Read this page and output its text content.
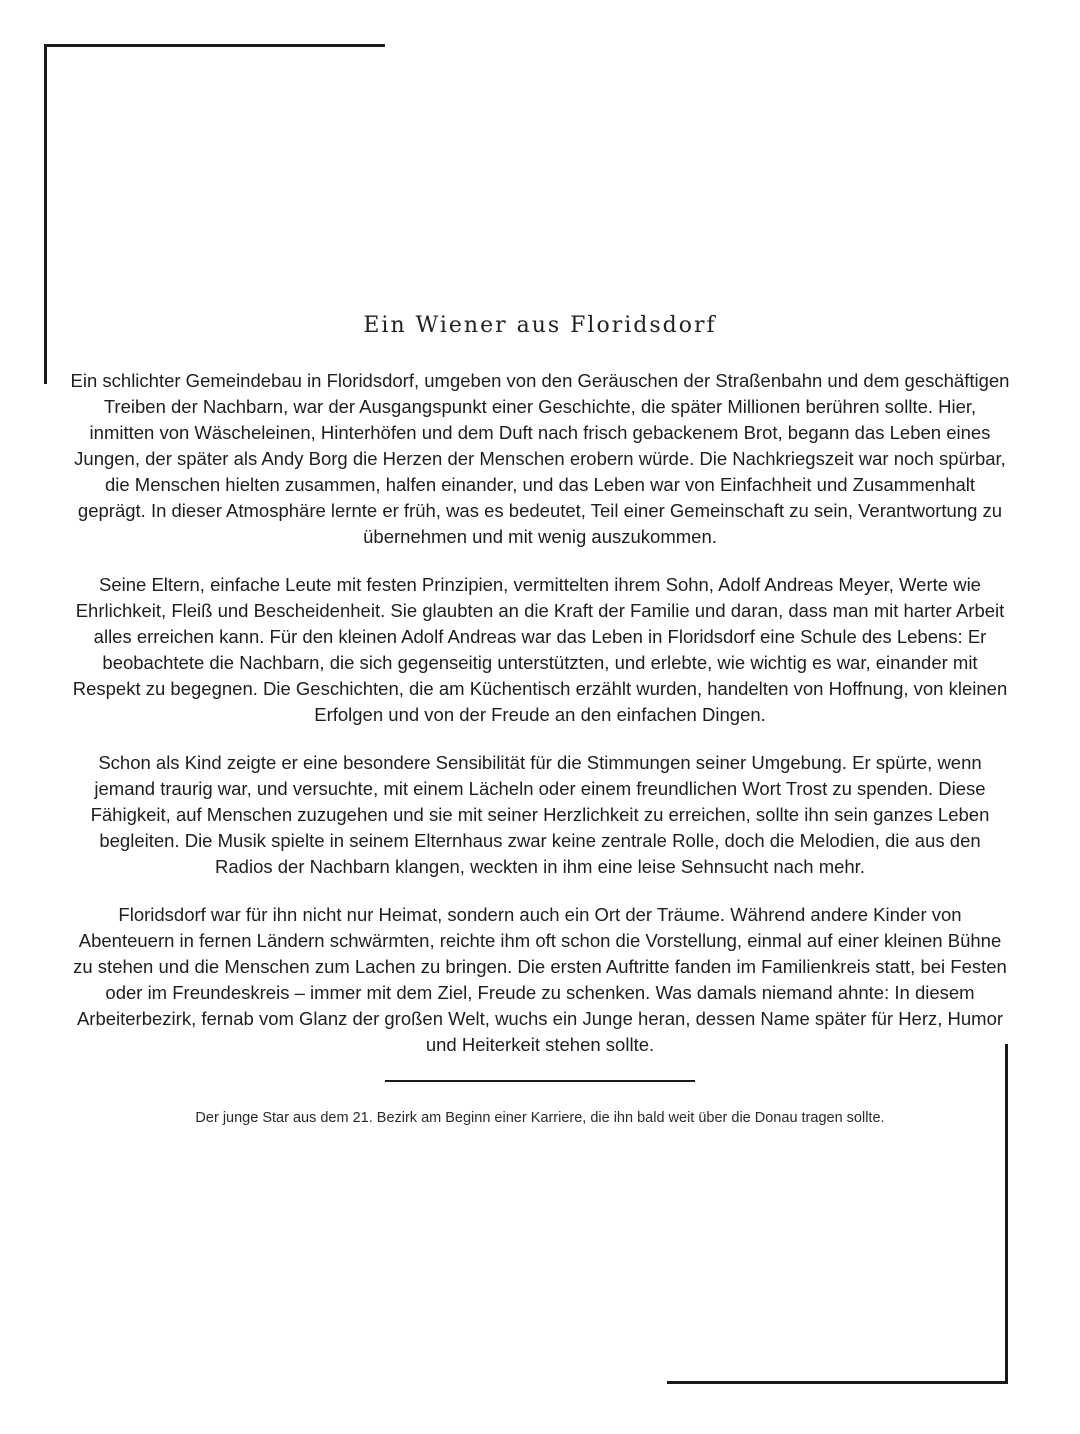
Ein Wiener aus Floridsdorf

Ein schlichter Gemeindebau in Floridsdorf, umgeben von den Geräuschen der Straßenbahn und dem geschäftigen Treiben der Nachbarn, war der Ausgangspunkt einer Geschichte, die später Millionen berühren sollte. Hier, inmitten von Wäscheleinen, Hinterhöfen und dem Duft nach frisch gebackenem Brot, begann das Leben eines Jungen, der später als Andy Borg die Herzen der Menschen erobern würde. Die Nachkriegszeit war noch spürbar, die Menschen hielten zusammen, halfen einander, und das Leben war von Einfachheit und Zusammenhalt geprägt. In dieser Atmosphäre lernte er früh, was es bedeutet, Teil einer Gemeinschaft zu sein, Verantwortung zu übernehmen und mit wenig auszukommen.

Seine Eltern, einfache Leute mit festen Prinzipien, vermittelten ihrem Sohn, Adolf Andreas Meyer, Werte wie Ehrlichkeit, Fleiß und Bescheidenheit. Sie glaubten an die Kraft der Familie und daran, dass man mit harter Arbeit alles erreichen kann. Für den kleinen Adolf Andreas war das Leben in Floridsdorf eine Schule des Lebens: Er beobachtete die Nachbarn, die sich gegenseitig unterstützten, und erlebte, wie wichtig es war, einander mit Respekt zu begegnen. Die Geschichten, die am Küchentisch erzählt wurden, handelten von Hoffnung, von kleinen Erfolgen und von der Freude an den einfachen Dingen.

Schon als Kind zeigte er eine besondere Sensibilität für die Stimmungen seiner Umgebung. Er spürte, wenn jemand traurig war, und versuchte, mit einem Lächeln oder einem freundlichen Wort Trost zu spenden. Diese Fähigkeit, auf Menschen zuzugehen und sie mit seiner Herzlichkeit zu erreichen, sollte ihn sein ganzes Leben begleiten. Die Musik spielte in seinem Elternhaus zwar keine zentrale Rolle, doch die Melodien, die aus den Radios der Nachbarn klangen, weckten in ihm eine leise Sehnsucht nach mehr.

Floridsdorf war für ihn nicht nur Heimat, sondern auch ein Ort der Träume. Während andere Kinder von Abenteuern in fernen Ländern schwärmten, reichte ihm oft schon die Vorstellung, einmal auf einer kleinen Bühne zu stehen und die Menschen zum Lachen zu bringen. Die ersten Auftritte fanden im Familienkreis statt, bei Festen oder im Freundeskreis – immer mit dem Ziel, Freude zu schenken. Was damals niemand ahnte: In diesem Arbeiterbezirk, fernab vom Glanz der großen Welt, wuchs ein Junge heran, dessen Name später für Herz, Humor und Heiterkeit stehen sollte.

Der junge Star aus dem 21. Bezirk am Beginn einer Karriere, die ihn bald weit über die Donau tragen sollte.
